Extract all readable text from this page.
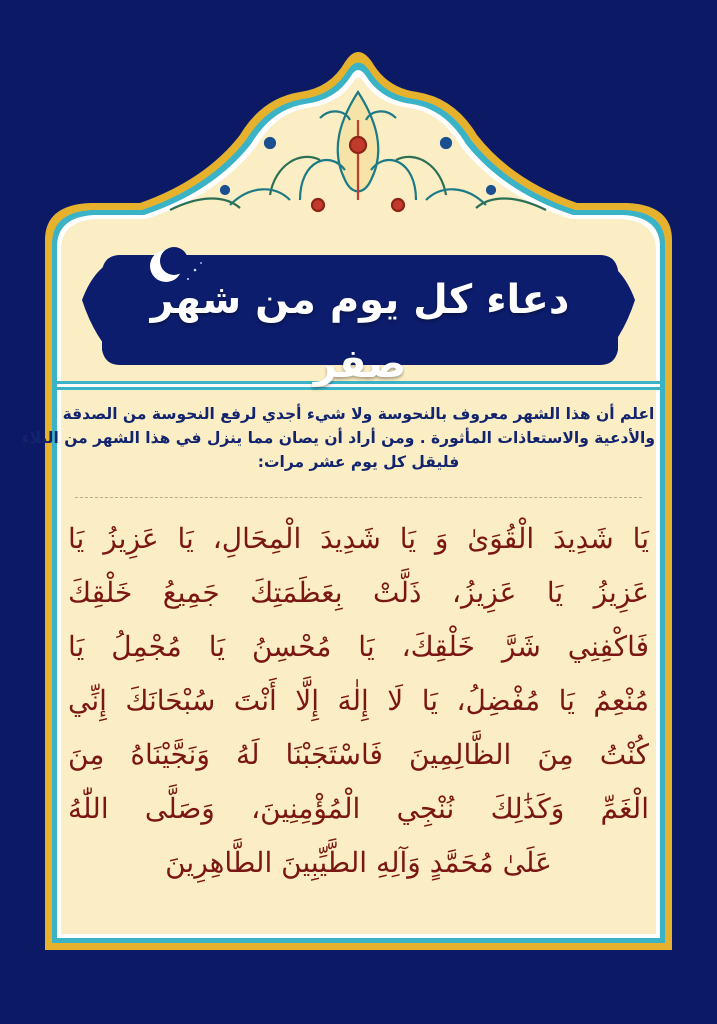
دعاء كل يوم من شهر صفر
اعلم أن هذا الشهر معروف بالنحوسة ولا شيء أجدي لرفع النحوسة من الصدقة
والأدعية والاستعاذات المأثورة . ومن أراد أن يصان مما ينزل في هذا الشهر من البلاء
فليقل كل يوم عشر مرات:
يَا شَدِيدَ الْقُوَىٰ وَ يَا شَدِيدَ الْمِحَالِ، يَا عَزِيزُ يَا
عَزِيزُ يَا عَزِيزُ، ذَلَّتْ بِعَظَمَتِكَ جَمِيعُ خَلْقِكَ
فَاكْفِنِي شَرَّ خَلْقِكَ، يَا مُحْسِنُ يَا مُجْمِلُ يَا
مُنْعِمُ يَا مُفْضِلُ، يَا لَا إِلٰهَ إِلَّا أَنْتَ سُبْحَانَكَ إِنِّي
كُنْتُ مِنَ الظَّالِمِينَ فَاسْتَجَبْنَا لَهُ وَنَجَّيْنَاهُ مِنَ
الْغَمِّ وَكَذَٰلِكَ نُنْجِي الْمُؤْمِنِينَ، وَصَلَّى اللّٰهُ
عَلَىٰ مُحَمَّدٍ وَآلِهِ الطَّيِّبِينَ الطَّاهِرِينَ
